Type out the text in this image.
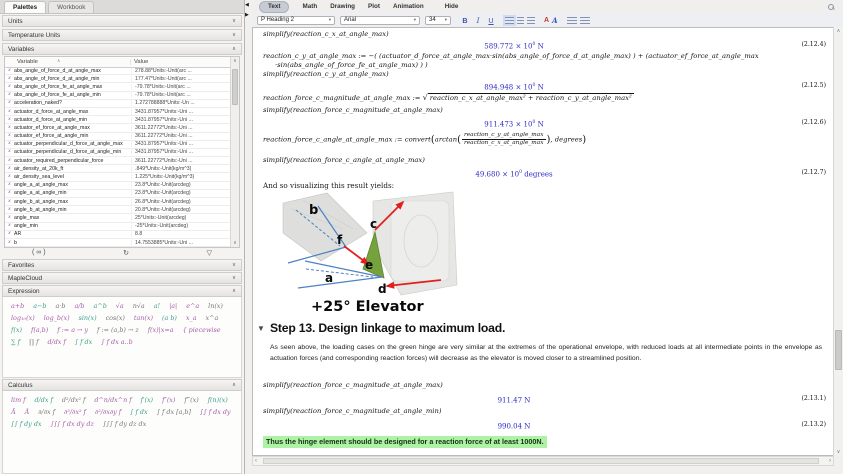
Palettes	Workbook
Units	∨
Temperature Units	∨
Variables	∧
Variable	∧	Value
x
abs_angle_of_force_d_at_angle_max	278.88*Units:-Unit(arc ...
x
abs_angle_of_force_d_at_angle_min	177.47*Units:-Unit(arc ...
x
abs_angle_of_force_fe_at_angle_max	-79.78*Units:-Unit(arc ...
x
abs_angle_of_force_fe_at_angle_min	-79.78*Units:-Unit(arc ...
x
acceleration_naked?	1.272788888*Units:-Un ...
x
actuator_d_force_at_angle_max	3431.87957*Units:-Uni ...
x
actuator_d_force_at_angle_min	3431.87957*Units:-Uni ...
x
actuator_ef_force_at_angle_max	3611.22772*Units:-Uni ...
x
actuator_ef_force_at_angle_min	3611.22772*Units:-Uni ...
x
actuator_perpendicular_d_force_at_angle_max	3431.87957*Units:-Uni ...
x
actuator_perpendicular_d_force_at_angle_min	3431.87957*Units:-Uni ...
x
actuator_required_perpendicular_force	3611.22772*Units:-Uni ...
x
air_density_at_20k_ft	.849*Units:-Unit(kg/m^3)
x
air_density_sea_level	1.225*Units:-Unit(kg/m^3)
x
angle_a_at_angle_max	23.8*Units:-Unit(arcdeg)
x
angle_a_at_angle_min	23.8*Units:-Unit(arcdeg)
x
angle_b_at_angle_max	26.8*Units:-Unit(arcdeg)
x
angle_b_at_angle_min	20.8*Units:-Unit(arcdeg)
x
angle_max	25*Units:-Unit(arcdeg)
x
angle_min	-25*Units:-Unit(arcdeg)
x
AR	8.8
x
b	14.7553885*Units:-Uni ...
∧
∨
( ∞ )	↻	▽
Favorites	∨
MapleCloud	∨
Expression	∧
a+b a−b a·b a/b a^b √a n√a a! |a| e^a ln(x)
log₁₀(x) log_b(x) sin(x) cos(x) tan(x) (a b) x_a x^a
f(x) f(a,b) f := a → y f := (a,b) → z f(x)|x=a { piecewise
∑ f ∏ f d/dx f ∫ f dx ∫ f dx a..b
Calculus	∧
lim f d/dx f d²/dx² f d^n/dx^n f f′(x) f″(x) f‴(x) f(n)(x)
Ā Â ∂/∂x f ∂²/∂x² f ∂²/∂x∂y f ∫ f dx ∫ f dx [a,b] ∫∫ f dx dy
∫∫ f dy dx ∫∫∫ f dx dy dz ∫∫∫ f dy dz dx
◀
▶
Text	Math Drawing Plot Animation	Hide
P Heading 2	▾ Arial	▾ 34 ▾	B	I	U	A A
simplify(reaction_c_x_at_angle_max)
$589.772 \times 10^0$ N	(2.12.4)
reaction_c_y_at_angle_max := −( (actuator_d_force_at_angle_max·sin(abs_angle_of_force_d_at_angle_max) ) + (actuator_ef_force_at_angle_max
·sin(abs_angle_of_force_fe_at_angle_max) ) )
simplify(reaction_c_y_at_angle_max)
$894.948 \times 10^0$ N	(2.12.5)
reaction_force_c_magnitude_at_angle_max := √ reaction_c_x_at_angle_max² + reaction_c_y_at_angle_max²
simplify(reaction_force_c_magnitude_at_angle_max)
$911.473 \times 10^0$ N	(2.12.6)
reaction_force_c_angle_at_angle_max := convert(arctan( $\frac{\text{reaction\_c\_y\_at\_angle\_max}}{\text{reaction\_c\_x\_at\_angle\_max}}$ ), degrees)
simplify(reaction_force_c_angle_at_angle_max)
$49.680 \times 10^0$ degrees	(2.12.7)
And so visualizing this result yields:
b
c
f
e
a
d
+25° Elevator
▼ Step 13. Design linkage to maximum load.
As seen above, the loading cases on the green hinge are very similar at the extremes of the operational envelope, with reduced loads at all intermediate points in the envelope as actuation forces (and corresponding reaction forces) will decrease as the elevator is moved closer to a streamlined position.
simplify(reaction_force_c_magnitude_at_angle_max)
911.47 N	(2.13.1)
simplify(reaction_force_c_magnitude_at_angle_min)
990.04 N	(2.13.2)
Thus the hinge element should be designed for a reaction force of at least 1000N.
∧
∨
‹	›
